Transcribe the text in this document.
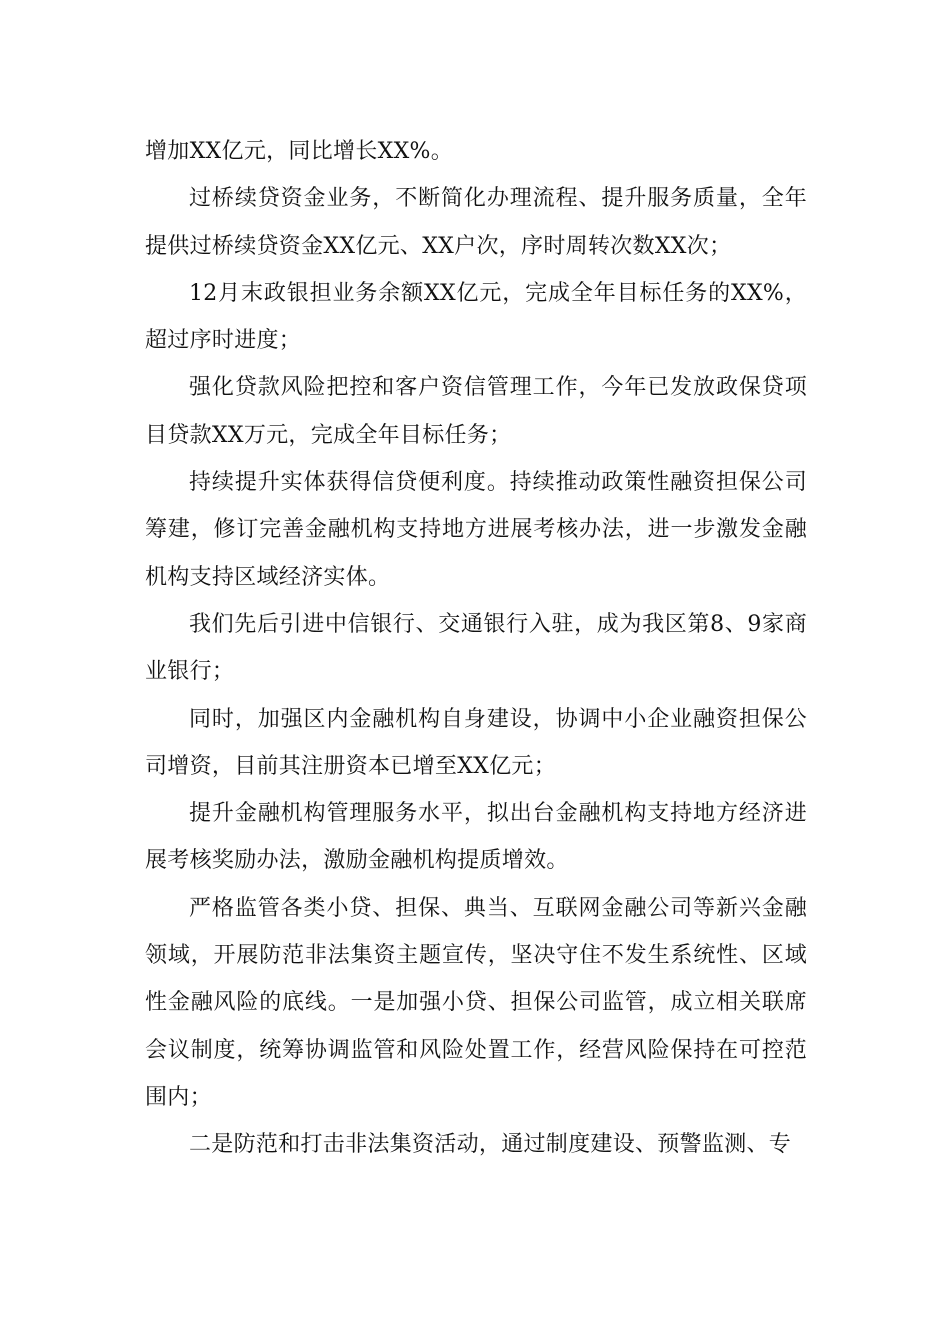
增加XX亿元，同比增长XX%。

过桥续贷资金业务，不断简化办理流程、提升服务质量，全年提供过桥续贷资金XX亿元、XX户次，序时周转次数XX次；

12月末政银担业务余额XX亿元，完成全年目标任务的XX%，超过序时进度；

强化贷款风险把控和客户资信管理工作，今年已发放政保贷项目贷款XX万元，完成全年目标任务；

持续提升实体获得信贷便利度。持续推动政策性融资担保公司筹建，修订完善金融机构支持地方进展考核办法，进一步激发金融机构支持区域经济实体。

我们先后引进中信银行、交通银行入驻，成为我区第8、9家商业银行；

同时，加强区内金融机构自身建设，协调中小企业融资担保公司增资，目前其注册资本已增至XX亿元；

提升金融机构管理服务水平，拟出台金融机构支持地方经济进展考核奖励办法，激励金融机构提质增效。

严格监管各类小贷、担保、典当、互联网金融公司等新兴金融领域，开展防范非法集资主题宣传，坚决守住不发生系统性、区域性金融风险的底线。一是加强小贷、担保公司监管，成立相关联席会议制度，统筹协调监管和风险处置工作，经营风险保持在可控范围内；

二是防范和打击非法集资活动，通过制度建设、预警监测、专
